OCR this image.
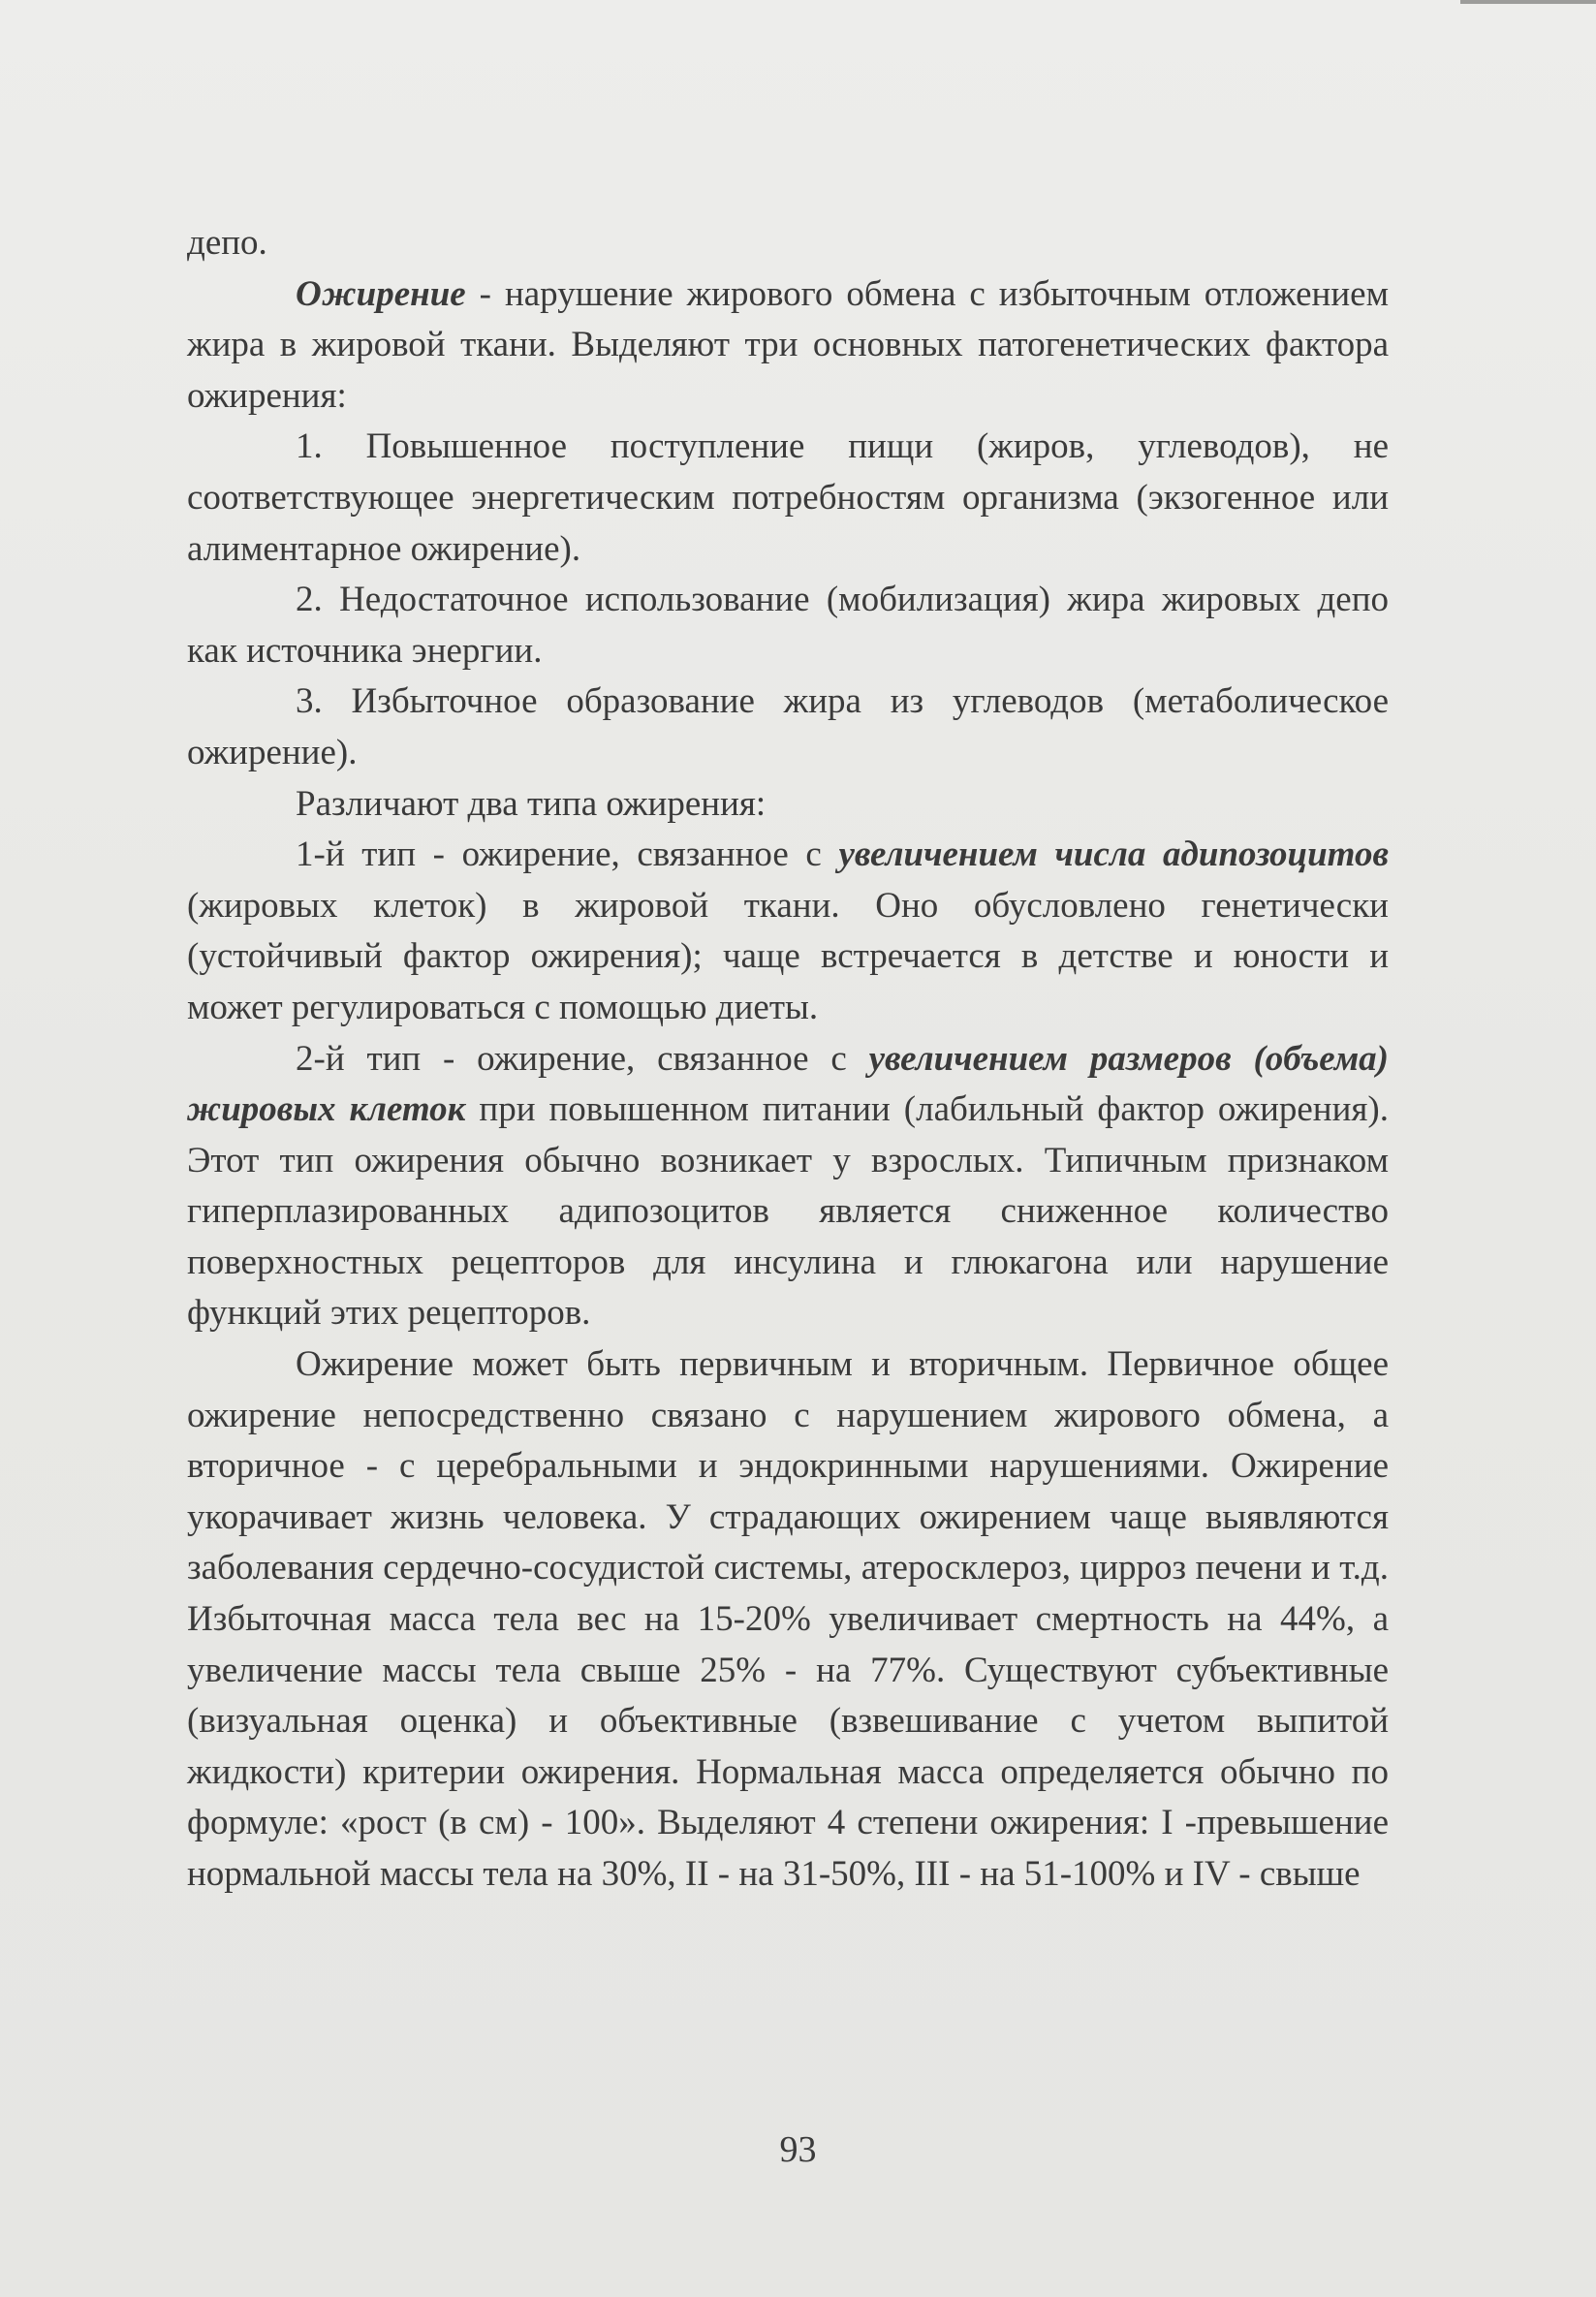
депо.

Ожирение - нарушение жирового обмена с избыточным отложением жира в жировой ткани. Выделяют три основных патогенетических фактора ожирения:

1. Повышенное поступление пищи (жиров, углеводов), не соответствующее энергетическим потребностям организма (экзогенное или алиментарное ожирение).

2. Недостаточное использование (мобилизация) жира жировых депо как источника энергии.

3. Избыточное образование жира из углеводов (метаболическое ожирение).

Различают два типа ожирения:

1-й тип - ожирение, связанное с увеличением числа адипозоцитов (жировых клеток) в жировой ткани. Оно обусловлено генетически (устойчивый фактор ожирения); чаще встречается в детстве и юности и может регулироваться с помощью диеты.

2-й тип - ожирение, связанное с увеличением размеров (объема) жировых клеток при повышенном питании (лабильный фактор ожирения). Этот тип ожирения обычно возникает у взрослых. Типичным признаком гиперплазированных адипозоцитов является сниженное количество поверхностных рецепторов для инсулина и глюкагона или нарушение функций этих рецепторов.

Ожирение может быть первичным и вторичным. Первичное общее ожирение непосредственно связано с нарушением жирового обмена, а вторичное - с церебральными и эндокринными нарушениями. Ожирение укорачивает жизнь человека. У страдающих ожирением чаще выявляются заболевания сердечно-сосудистой системы, атеросклероз, цирроз печени и т.д. Избыточная масса тела вес на 15-20% увеличивает смертность на 44%, а увеличение массы тела свыше 25% - на 77%. Существуют субъективные (визуальная оценка) и объективные (взвешивание с учетом выпитой жидкости) критерии ожирения. Нормальная масса определяется обычно по формуле: «рост (в см) - 100». Выделяют 4 степени ожирения: I -превышение нормальной массы тела на 30%, II - на 31-50%, III - на 51-100% и IV - свыше

93
